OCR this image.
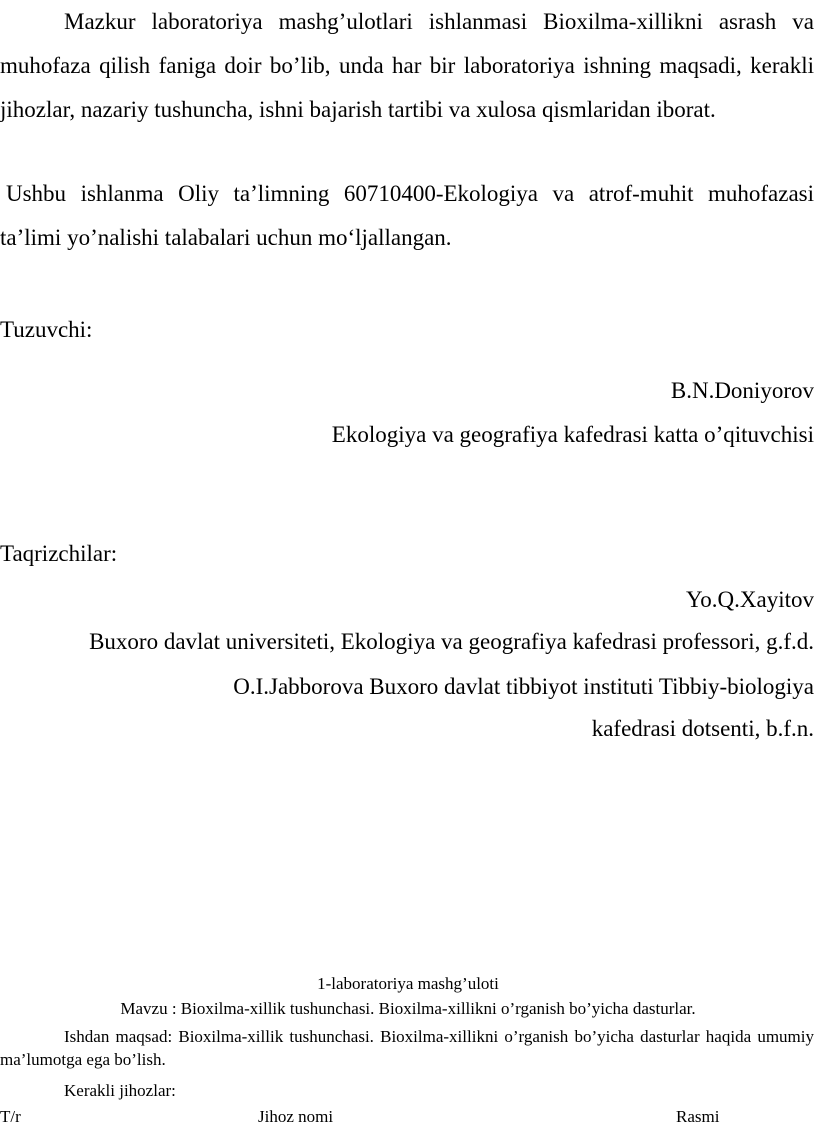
Mazkur laboratoriya mashg’ulotlari ishlanmasi Bioxilma-xillikni asrash va muhofaza qilish faniga doir bo’lib, unda har bir laboratoriya ishning maqsadi, kerakli jihozlar, nazariy tushuncha, ishni bajarish tartibi va xulosa qismlaridan iborat.

Ushbu ishlanma Oliy ta’limning 60710400-Ekologiya va atrof-muhit muhofazasi ta’limi yo’nalishi talabalari uchun mo‘ljallangan.

Tuzuvchi:

B.N.Doniyorov

Ekologiya va geografiya kafedrasi katta o’qituvchisi

Taqrizchilar:

Yo.Q.Xayitov

Buxoro davlat universiteti, Ekologiya va geografiya kafedrasi professori, g.f.d.

O.I.Jabborova Buxoro davlat tibbiyot instituti Tibbiy-biologiya

kafedrasi dotsenti, b.f.n.

1-laboratoriya mashg’uloti

Mavzu : Bioxilma-xillik tushunchasi. Bioxilma-xillikni o’rganish bo’yicha dasturlar.

Ishdan maqsad: Bioxilma-xillik tushunchasi. Bioxilma-xillikni o’rganish bo’yicha dasturlar haqida umumiy ma’lumotga ega bo’lish.

Kerakli jihozlar:

T/r	Jihoz nomi	Rasmi
